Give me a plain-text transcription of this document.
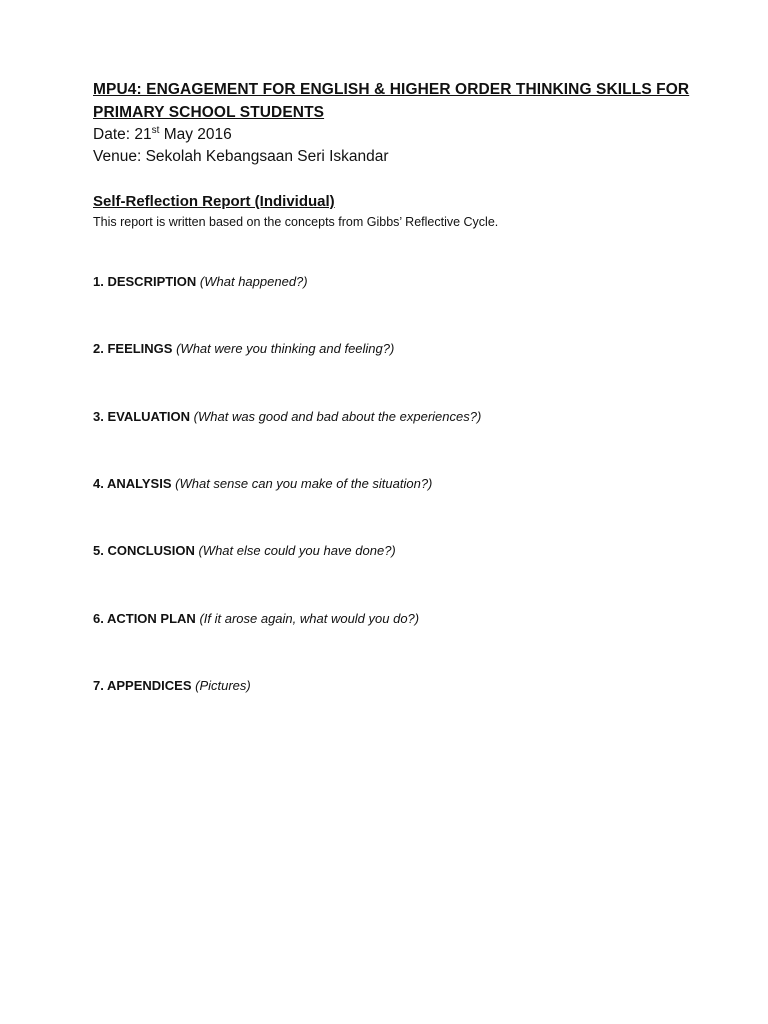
MPU4: ENGAGEMENT FOR ENGLISH & HIGHER ORDER THINKING SKILLS FOR
PRIMARY SCHOOL STUDENTS
Date: 21st May 2016
Venue: Sekolah Kebangsaan Seri Iskandar
Self-Reflection Report (Individual)
This report is written based on the concepts from Gibbs’ Reflective Cycle.
1. DESCRIPTION (What happened?)
2. FEELINGS (What were you thinking and feeling?)
3. EVALUATION (What was good and bad about the experiences?)
4. ANALYSIS (What sense can you make of the situation?)
5. CONCLUSION (What else could you have done?)
6. ACTION PLAN (If it arose again, what would you do?)
7. APPENDICES (Pictures)
